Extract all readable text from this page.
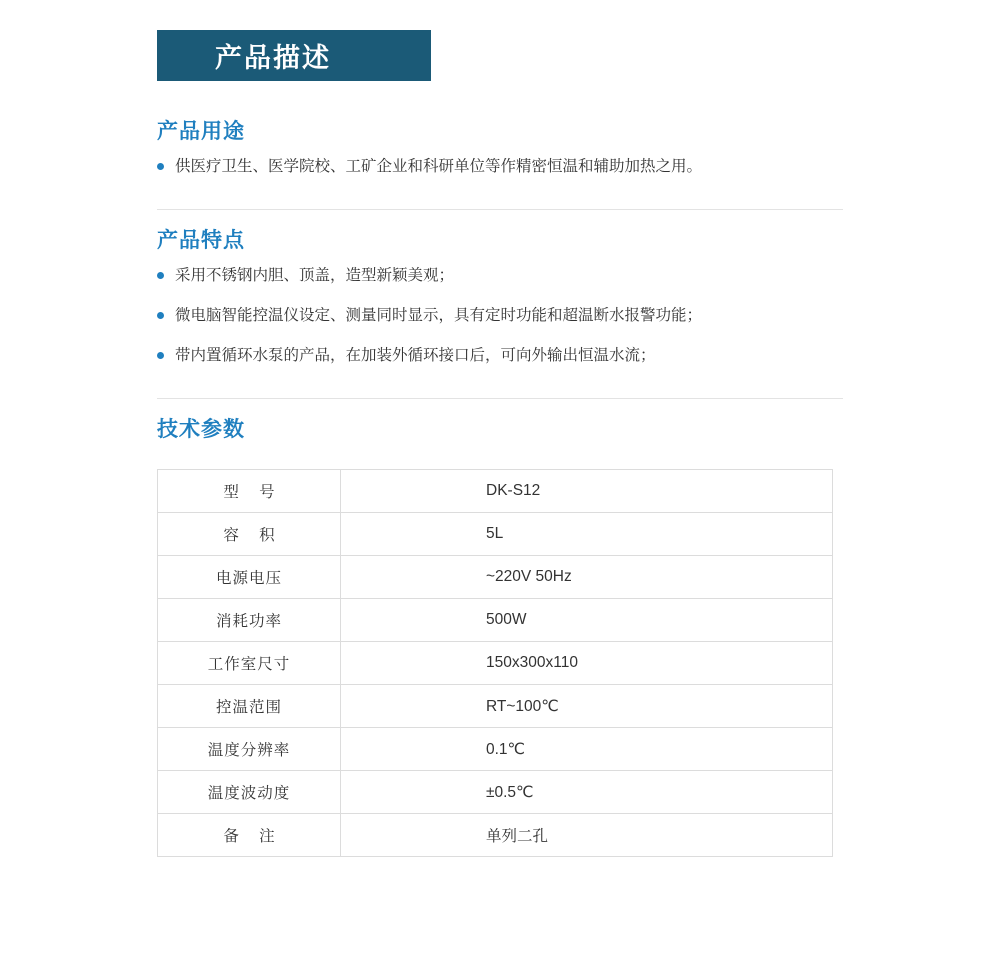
产品描述
产品用途
供医疗卫生、医学院校、工矿企业和科研单位等作精密恒温和辅助加热之用。
产品特点
采用不锈钢内胆、顶盖，造型新颖美观；
微电脑智能控温仪设定、测量同时显示，具有定时功能和超温断水报警功能；
带内置循环水泵的产品，在加装外循环接口后，可向外输出恒温水流；
技术参数
型 号	DK-S12
容 积	5L
电源电压	~220V 50Hz
消耗功率	500W
工作室尺寸	150x300x110
控温范围	RT~100℃
温度分辨率	0.1℃
温度波动度	±0.5℃
备 注	单列二孔
